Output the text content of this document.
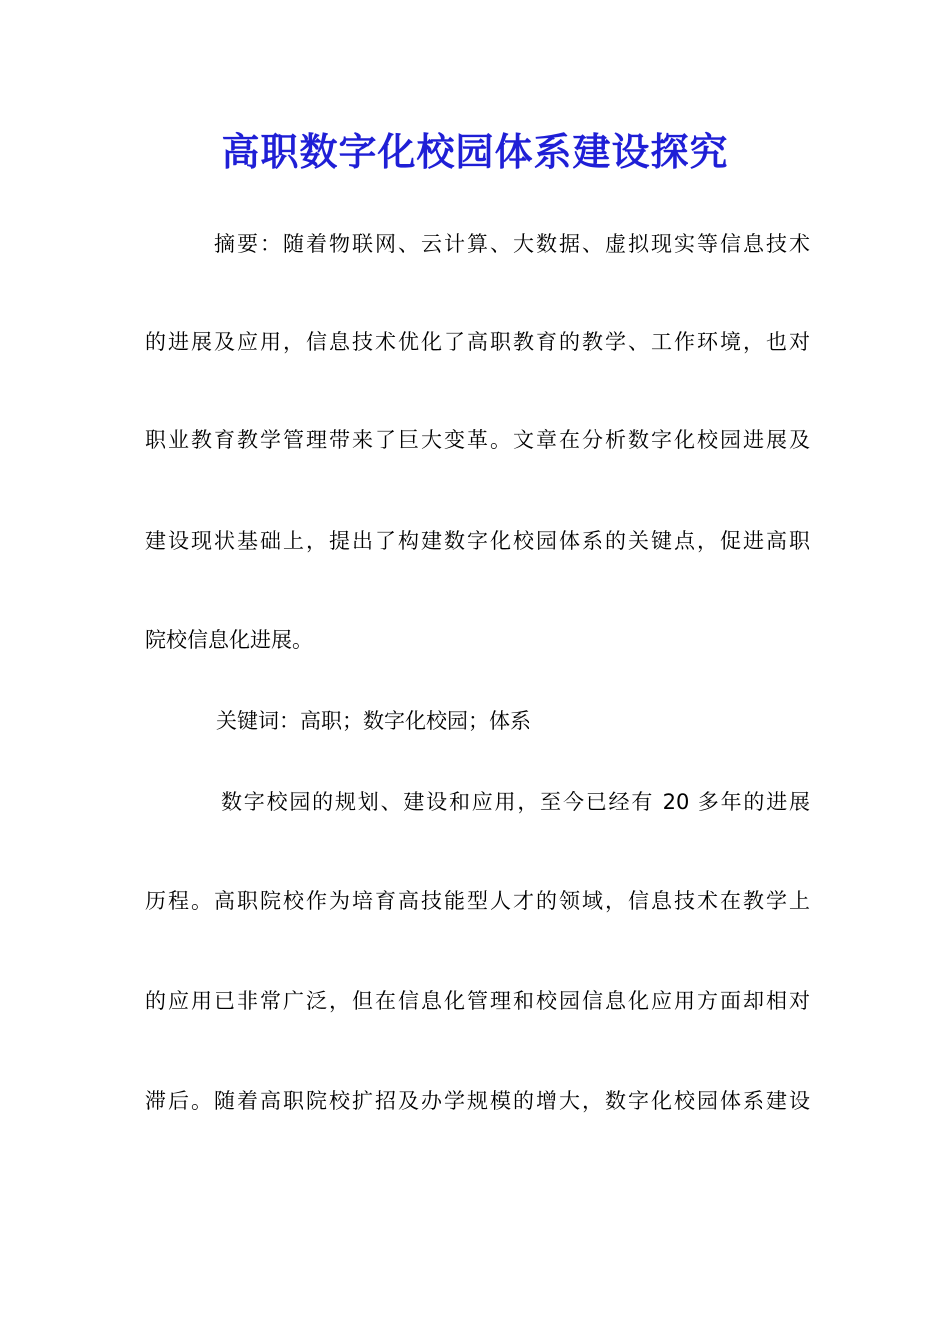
高职数字化校园体系建设探究
摘要：随着物联网、云计算、大数据、虚拟现实等信息技术
的进展及应用，信息技术优化了高职教育的教学、工作环境，也对
职业教育教学管理带来了巨大变革。文章在分析数字化校园进展及
建设现状基础上，提出了构建数字化校园体系的关键点，促进高职
院校信息化进展。
关键词：高职；数字化校园；体系
数字校园的规划、建设和应用，至今已经有 20 多年的进展
历程。高职院校作为培育高技能型人才的领域，信息技术在教学上
的应用已非常广泛，但在信息化管理和校园信息化应用方面却相对
滞后。随着高职院校扩招及办学规模的增大，数字化校园体系建设
